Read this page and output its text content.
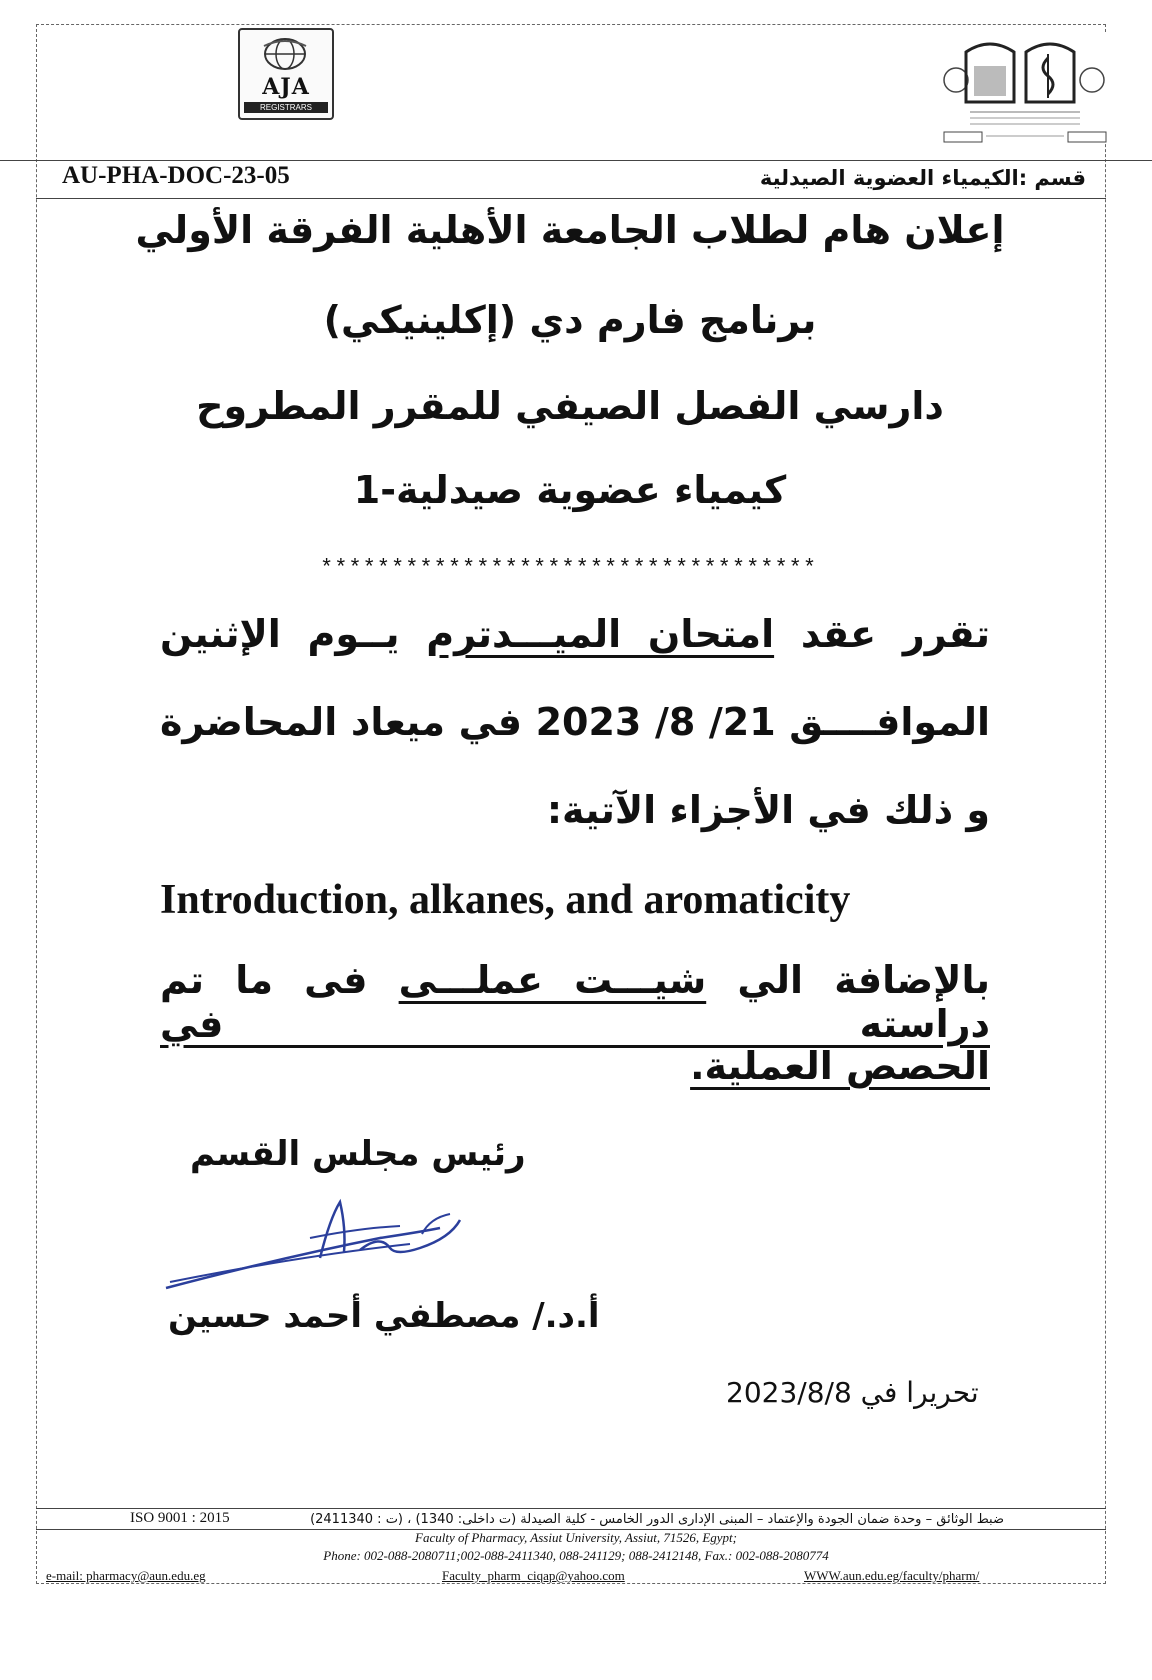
AJA
REGISTRARS
AU-PHA-DOC-23-05	قسم :الكيمياء العضوية الصيدلية
إعلان هام لطلاب الجامعة الأهلية الفرقة الأولي
برنامج فارم دي (إكلينيكي)
دارسي الفصل الصيفي للمقرر المطروح
كيمياء عضوية صيدلية-1
***********************************
تقرر عقد امتحان الميـــدترم يــوم الإثنين
الموافــــق 21/ 8/ 2023 في ميعاد المحاضرة
و ذلك في الأجزاء الآتية:
Introduction, alkanes, and aromaticity
بالإضافة الي شيـــت عملـــى فى ما تم دراسته في
الحصص العملية.
رئيس مجلس القسم
أ.د./ مصطفي أحمد حسين
تحريرا في 2023/8/8
ISO 9001 : 2015	ضبط الوثائق – وحدة ضمان الجودة والإعتماد – المبنى الإدارى الدور الخامس - كلية الصيدلة (ت داخلى: 1340) ، (ت : 2411340)
Faculty of Pharmacy, Assiut University, Assiut, 71526, Egypt;
Phone: 002-088-2080711;002-088-2411340, 088-241129; 088-2412148, Fax.: 002-088-2080774
e-mail: pharmacy@aun.edu.eg	Faculty_pharm_ciqap@yahoo.com	WWW.aun.edu.eg/faculty/pharm/
